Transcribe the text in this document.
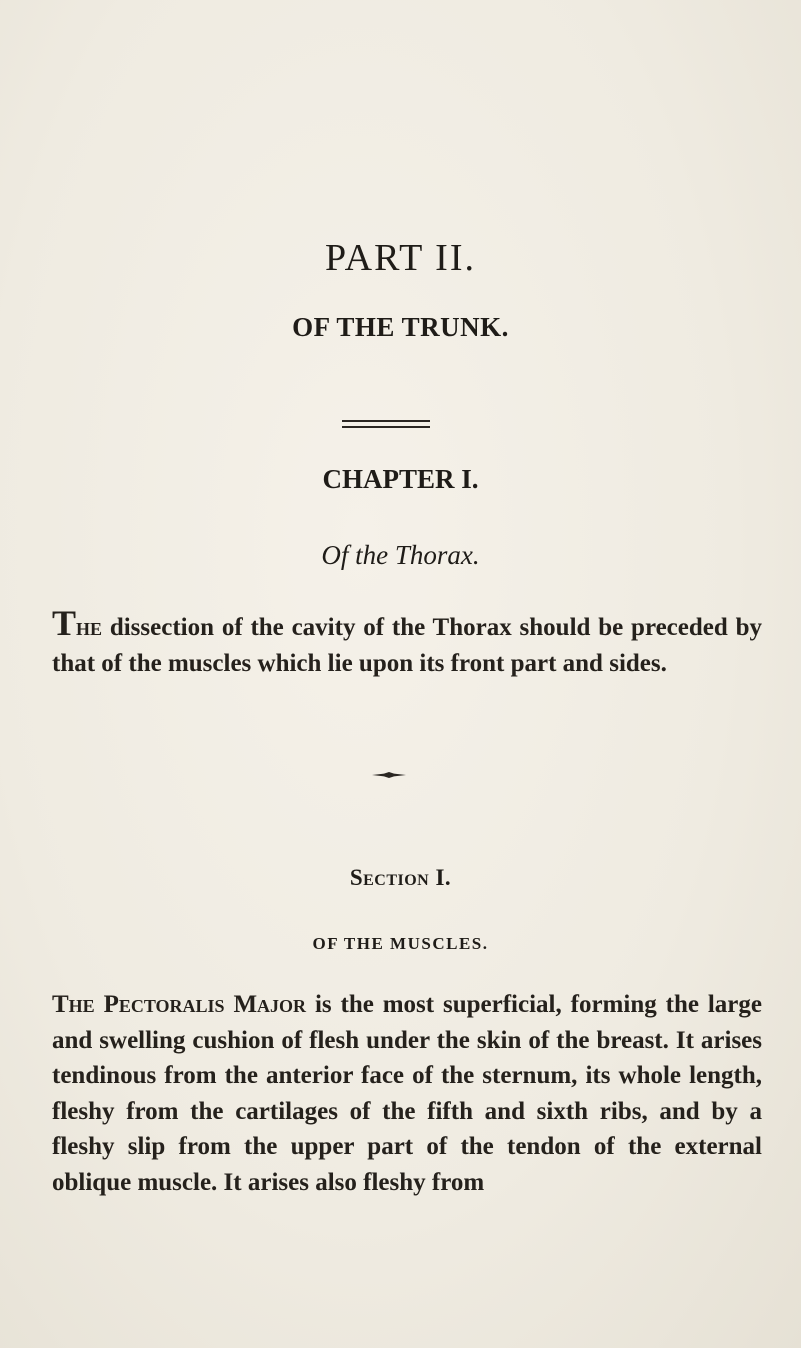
PART II.
OF THE TRUNK.
CHAPTER I.
Of the Thorax.
The dissection of the cavity of the Thorax should be preceded by that of the muscles which lie upon its front part and sides.
Section I.
OF THE MUSCLES.
The Pectoralis Major is the most superficial, forming the large and swelling cushion of flesh under the skin of the breast. It arises tendinous from the anterior face of the sternum, its whole length, fleshy from the cartilages of the fifth and sixth ribs, and by a fleshy slip from the upper part of the tendon of the external oblique muscle. It arises also fleshy from
